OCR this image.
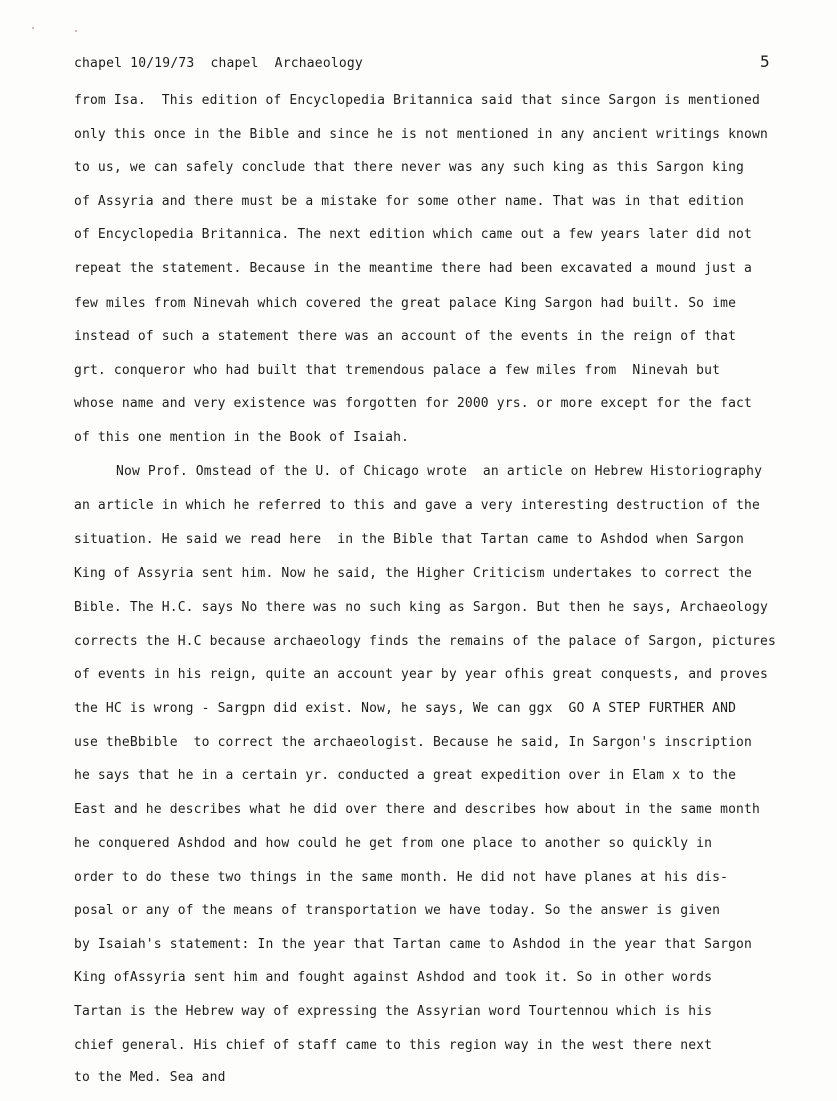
chapel 10/19/73  chapel  Archaeology	5
from Isa.  This edition of Encyclopedia Britannica said that since Sargon is mentioned
only this once in the Bible and since he is not mentioned in any ancient writings known
to us, we can safely conclude that there never was any such king as this Sargon king
of Assyria and there must be a mistake for some other name. That was in that edition
of Encyclopedia Britannica. The next edition which came out a few years later did not
repeat the statement. Because in the meantime there had been excavated a mound just a
few miles from Ninevah which covered the great palace King Sargon had built. So ime
instead of such a statement there was an account of the events in the reign of that
grt. conqueror who had built that tremendous palace a few miles from  Ninevah but
whose name and very existence was forgotten for 2000 yrs. or more except for the fact
of this one mention in the Book of Isaiah.
Now Prof. Omstead of the U. of Chicago wrote  an article on Hebrew Historiography
an article in which he referred to this and gave a very interesting destruction of the
situation. He said we read here  in the Bible that Tartan came to Ashdod when Sargon
King of Assyria sent him. Now he said, the Higher Criticism undertakes to correct the
Bible. The H.C. says No there was no such king as Sargon. But then he says, Archaeology
corrects the H.C because archaeology finds the remains of the palace of Sargon, pictures
of events in his reign, quite an account year by year ofhis great conquests, and proves
the HC is wrong - Sargpn did exist. Now, he says, We can ggx  GO A STEP FURTHER AND
use theBbible  to correct the archaeologist. Because he said, In Sargon's inscription
he says that he in a certain yr. conducted a great expedition over in Elam x to the
East and he describes what he did over there and describes how about in the same month
he conquered Ashdod and how could he get from one place to another so quickly in
order to do these two things in the same month. He did not have planes at his dis-
posal or any of the means of transportation we have today. So the answer is given
by Isaiah's statement: In the year that Tartan came to Ashdod in the year that Sargon
King ofAssyria sent him and fought against Ashdod and took it. So in other words
Tartan is the Hebrew way of expressing the Assyrian word Tourtennou which is his
chief general. His chief of staff came to this region way in the west there next
to the Med. Sea and
